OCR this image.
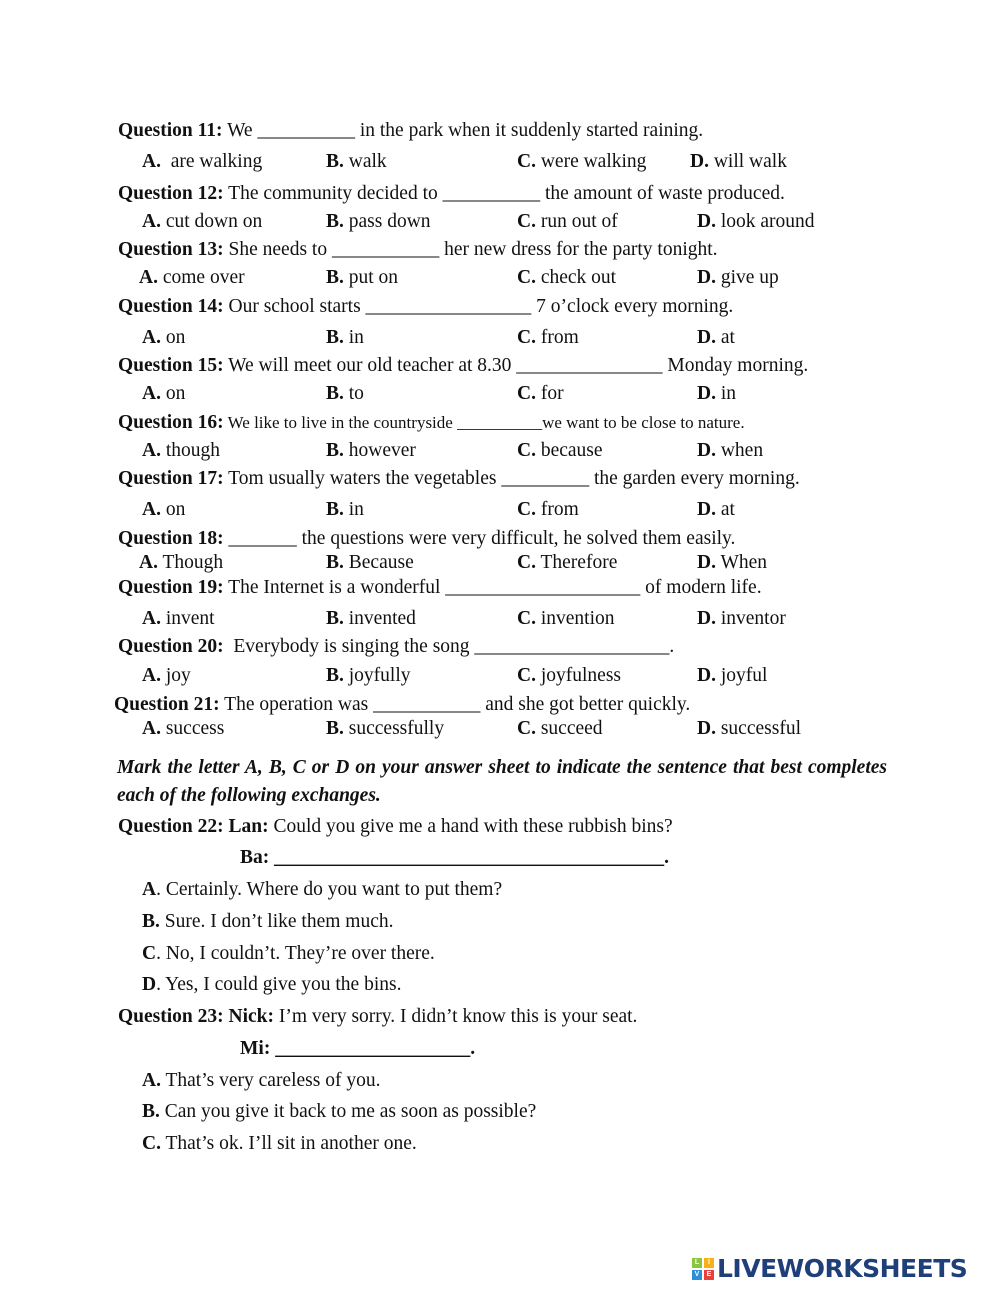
Mark the letter A, B, C or D on your answer sheet to indicate the sentence that best completes each of the following exchanges.
L	I
V	E LIVEWORKSHEETS
Question 11: We __________ in the park when it suddenly started raining.
A.  are walking	B. walk	C. were walking D. will walk
Question 12: The community decided to __________ the amount of waste produced.
A. cut down on	B. pass down	C. run out of	D. look around
Question 13: She needs to ___________ her new dress for the party tonight.
A. come over	B. put on	C. check out	D. give up
Question 14: Our school starts _________________ 7 o’clock every morning.
A. on	B. in	C. from	D. at
Question 15: We will meet our old teacher at 8.30 _______________ Monday morning.
A. on	B. to	C. for	D. in
Question 16: We like to live in the countryside __________we want to be close to nature.
A. though	B. however	C. because	D. when
Question 17: Tom usually waters the vegetables _________ the garden every morning.
A. on	B. in	C. from	D. at
Question 18: _______ the questions were very difficult, he solved them easily.
A. Though	B. Because	C. Therefore	D. When
Question 19: The Internet is a wonderful ____________________ of modern life.
A. invent	B. invented	C. invention	D. inventor
Question 20:  Everybody is singing the song ____________________.
A. joy	B. joyfully	C. joyfulness	D. joyful
Question 21: The operation was ___________ and she got better quickly.
A. success	B. successfully	C. succeed	D. successful
Question 22: Lan: Could you give me a hand with these rubbish bins?
Ba: ________________________________________.
A. Certainly. Where do you want to put them?
B. Sure. I don’t like them much.
C. No, I couldn’t. They’re over there.
D. Yes, I could give you the bins.
Question 23: Nick: I’m very sorry. I didn’t know this is your seat.
Mi: ____________________.
A. That’s very careless of you.
B. Can you give it back to me as soon as possible?
C. That’s ok. I’ll sit in another one.
